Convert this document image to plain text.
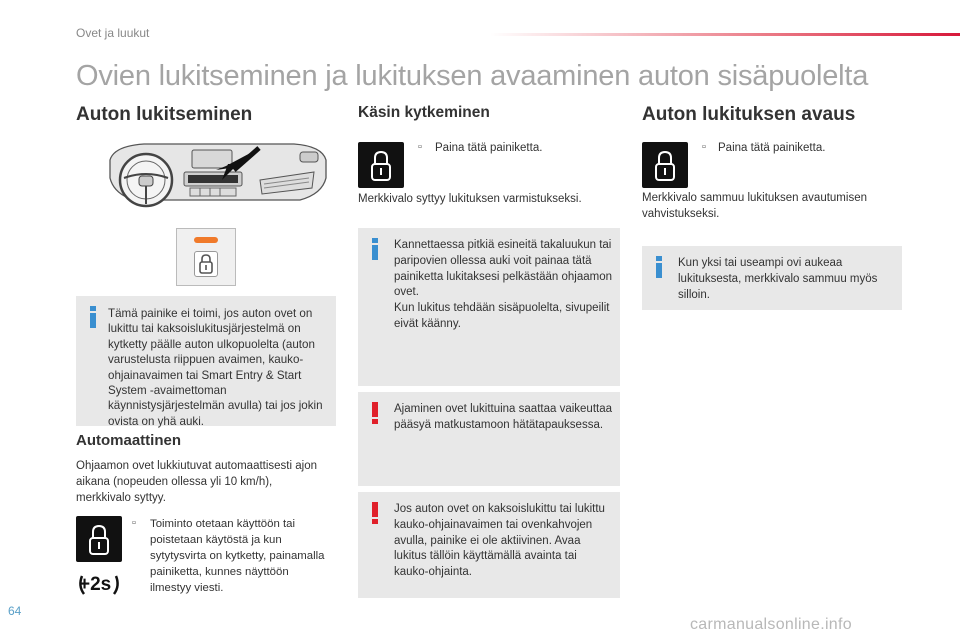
Ovet ja luukut
Ovien lukitseminen ja lukituksen avaaminen auton sisäpuolelta
Auton lukitseminen
Tämä painike ei toimi, jos auton ovet on lukittu tai kaksoislukitusjärjestelmä on kytketty päälle auton ulkopuolelta (auton varustelusta riippuen avaimen, kauko-ohjainavaimen tai Smart Entry & Start System -avaimettoman käynnistysjärjestelmän avulla) tai jos jokin ovista on yhä auki.
Automaattinen
Ohjaamon ovet lukkiutuvat automaattisesti ajon aikana (nopeuden ollessa yli 10 km/h), merkkivalo syttyy.
+2s
▫ Toiminto otetaan käyttöön tai poistetaan käytöstä ja kun sytytysvirta on kytketty, painamalla painiketta, kunnes näyttöön ilmestyy viesti.
Käsin kytkeminen
▫ Paina tätä painiketta.
Merkkivalo syttyy lukituksen varmistukseksi.
Kannettaessa pitkiä esineitä takaluukun tai paripovien ollessa auki voit painaa tätä painiketta lukitaksesi pelkästään ohjaamon ovet.
Kun lukitus tehdään sisäpuolelta, sivupeilit eivät käänny.
Ajaminen ovet lukittuina saattaa vaikeuttaa pääsyä matkustamoon hätätapauksessa.
Jos auton ovet on kaksoislukittu tai lukittu kauko-ohjainavaimen tai ovenkahvojen avulla, painike ei ole aktiivinen. Avaa lukitus tällöin käyttämällä avainta tai kauko-ohjainta.
Auton lukituksen avaus
▫ Paina tätä painiketta.
Merkkivalo sammuu lukituksen avautumisen vahvistukseksi.
Kun yksi tai useampi ovi aukeaa lukituksesta, merkkivalo sammuu myös silloin.
64
carmanualsonline.info
